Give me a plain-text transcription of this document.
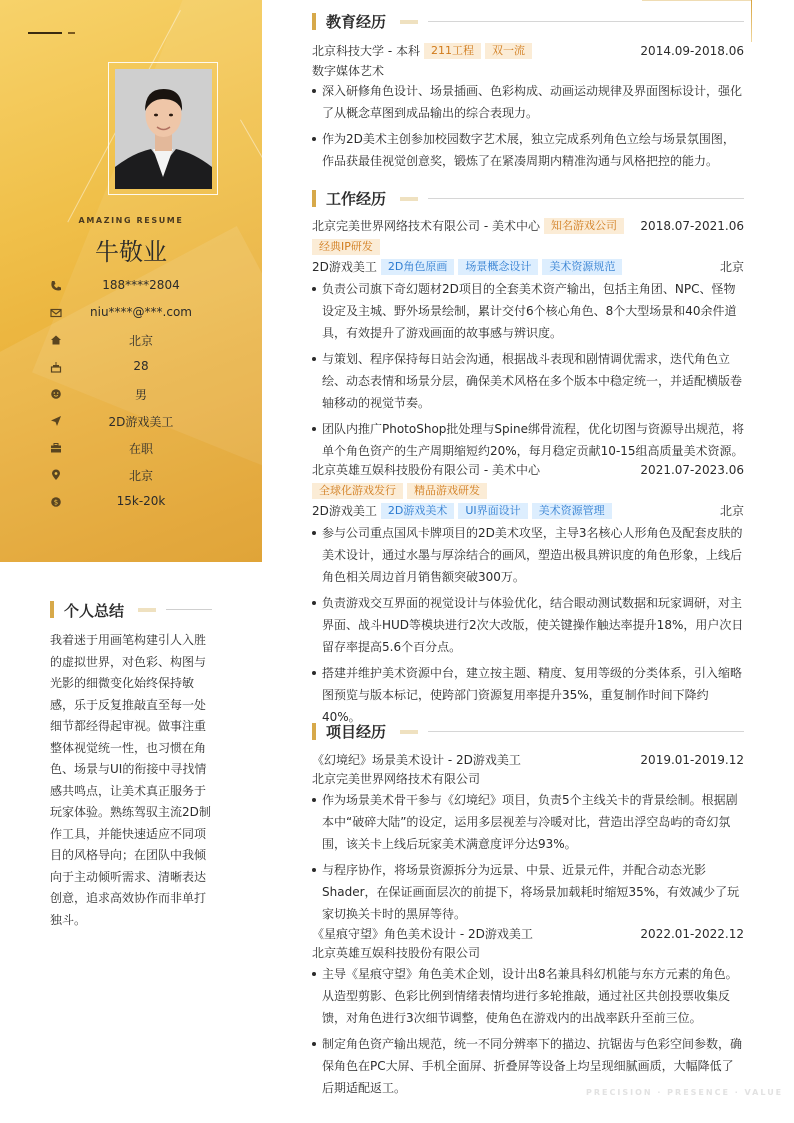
AMAZING RESUME
牛敬业
188****2804
niu****@***.com
北京
28
男
2D游戏美工
在职
北京
$	15k-20k
个人总结
我着迷于用画笔构建引人入胜的虚拟世界，对色彩、构图与光影的细微变化始终保持敏感，乐于反复推敲直至每一处细节都经得起审视。做事注重整体视觉统一性，也习惯在角色、场景与UI的衔接中寻找情感共鸣点，让美术真正服务于玩家体验。熟练驾驭主流2D制作工具，并能快速适应不同项目的风格导向；在团队中我倾向于主动倾听需求、清晰表达创意，追求高效协作而非单打独斗。
教育经历
北京科技大学 - 本科 211工程 双一流	2014.09-2018.06
数字媒体艺术
深入研修角色设计、场景插画、色彩构成、动画运动规律及界面图标设计，强化了从概念草图到成品输出的综合表现力。
作为2D美术主创参加校园数字艺术展，独立完成系列角色立绘与场景氛围图，作品获最佳视觉创意奖，锻炼了在紧凑周期内精准沟通与风格把控的能力。
工作经历
北京完美世界网络技术有限公司 - 美术中心 知名游戏公司 2018.07-2021.06
经典IP研发
2D游戏美工 2D角色原画 场景概念设计 美术资源规范	北京
负责公司旗下奇幻题材2D项目的全套美术资产输出，包括主角团、NPC、怪物设定及主城、野外场景绘制，累计交付6个核心角色、8个大型场景和40余件道具，有效提升了游戏画面的故事感与辨识度。
与策划、程序保持每日站会沟通，根据战斗表现和剧情调优需求，迭代角色立绘、动态表情和场景分层，确保美术风格在多个版本中稳定统一，并适配横版卷轴移动的视觉节奏。
团队内推广PhotoShop批处理与Spine绑骨流程，优化切图与资源导出规范，将单个角色资产的生产周期缩短约20%，每月稳定贡献10-15组高质量美术资源。
北京英雄互娱科技股份有限公司 - 美术中心	2021.07-2023.06
全球化游戏发行 精品游戏研发
2D游戏美工 2D游戏美术 UI界面设计 美术资源管理	北京
参与公司重点国风卡牌项目的2D美术攻坚，主导3名核心人形角色及配套皮肤的美术设计，通过水墨与厚涂结合的画风，塑造出极具辨识度的角色形象，上线后角色相关周边首月销售额突破300万。
负责游戏交互界面的视觉设计与体验优化，结合眼动测试数据和玩家调研，对主界面、战斗HUD等模块进行2次大改版，使关键操作触达率提升18%，用户次日留存率提高5.6个百分点。
搭建并维护美术资源中台，建立按主题、精度、复用等级的分类体系，引入缩略图预览与版本标记，使跨部门资源复用率提升35%，重复制作时间下降约40%。
项目经历
《幻境纪》场景美术设计 - 2D游戏美工	2019.01-2019.12
北京完美世界网络技术有限公司
作为场景美术骨干参与《幻境纪》项目，负责5个主线关卡的背景绘制。根据剧本中“破碎大陆”的设定，运用多层视差与冷暖对比，营造出浮空岛屿的奇幻氛围，该关卡上线后玩家美术满意度评分达93%。
与程序协作，将场景资源拆分为远景、中景、近景元件，并配合动态光影Shader，在保证画面层次的前提下，将场景加载耗时缩短35%，有效减少了玩家切换关卡时的黑屏等待。
《星痕守望》角色美术设计 - 2D游戏美工	2022.01-2022.12
北京英雄互娱科技股份有限公司
主导《星痕守望》角色美术企划，设计出8名兼具科幻机能与东方元素的角色。从造型剪影、色彩比例到情绪表情均进行多轮推敲，通过社区共创投票收集反馈，对角色进行3次细节调整，使角色在游戏内的出战率跃升至前三位。
制定角色资产输出规范，统一不同分辨率下的描边、抗锯齿与色彩空间参数，确保角色在PC大屏、手机全面屏、折叠屏等设备上均呈现细腻画质，大幅降低了后期适配返工。	PRECISION · PRESENCE · VALUE
